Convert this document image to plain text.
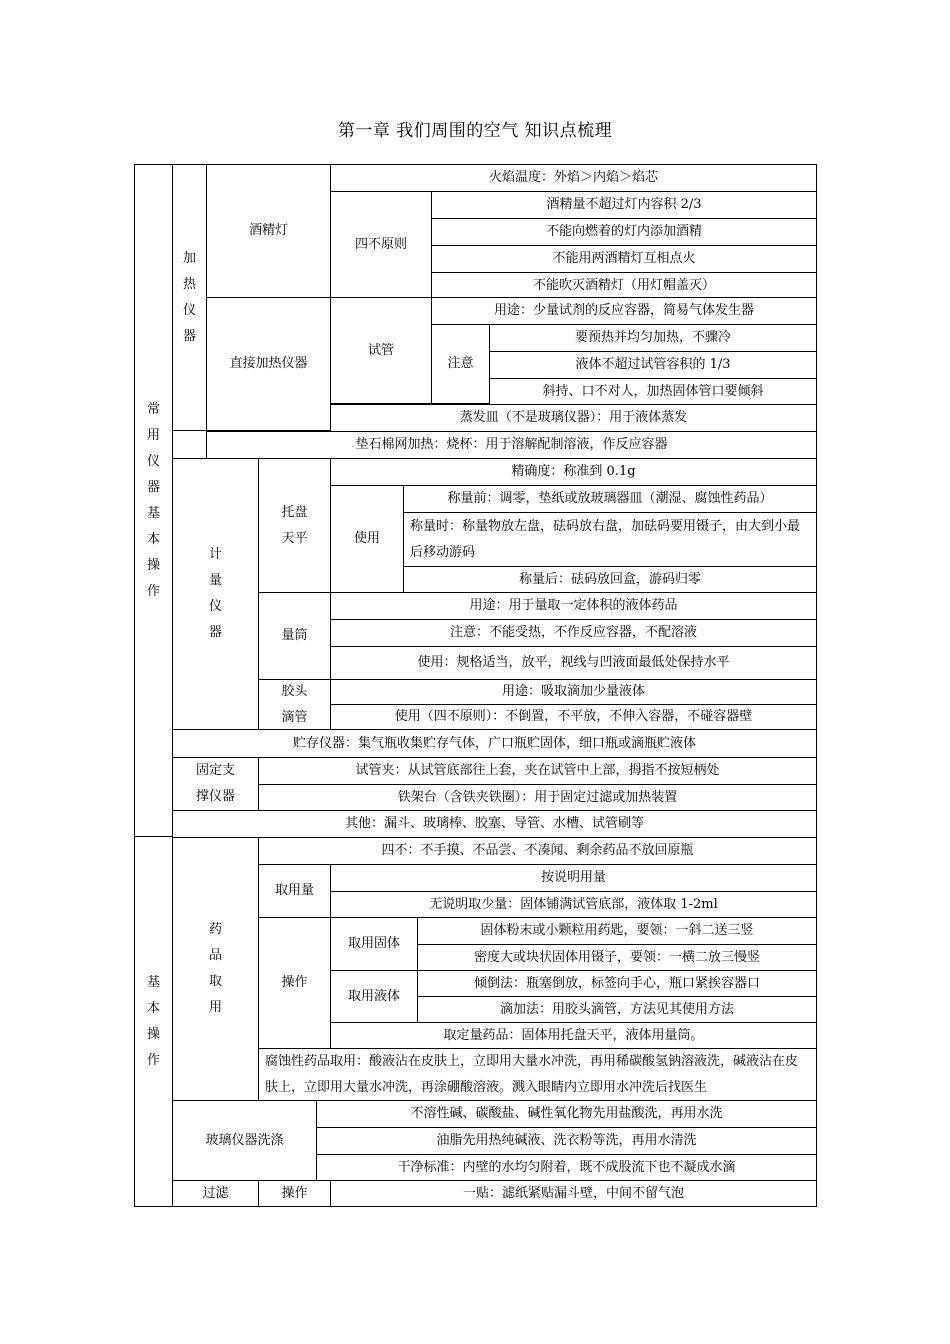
第一章 我们周围的空气 知识点梳理
常
用
仪
器
基
本
操
作
加
热
仪
器
酒精灯
火焰温度：外焰＞内焰＞焰芯
四不原则
酒精量不超过灯内容积 2/3
不能向燃着的灯内添加酒精
不能用两酒精灯互相点火
不能吹灭酒精灯（用灯帽盖灭）
直接加热仪器
试管
用途：少量试剂的反应容器，简易气体发生器
注意
要预热并均匀加热，不骤冷
液体不超过试管容积的 1/3
斜持、口不对人，加热固体管口要倾斜
蒸发皿（不是玻璃仪器）：用于液体蒸发
垫石棉网加热：烧杯：用于溶解配制溶液，作反应容器
计
量
仪
器
托盘
天平
精确度：称准到 0.1g
使用
称量前：调零，垫纸或放玻璃器皿（潮湿、腐蚀性药品）
称量时：称量物放左盘，砝码放右盘，加砝码要用镊子，由大到小最后移动游码
称量后：砝码放回盒，游码归零
量筒
用途：用于量取一定体积的液体药品
注意：不能受热，不作反应容器，不配溶液
使用：规格适当，放平，视线与凹液面最低处保持水平
胶头
滴管
用途：吸取滴加少量液体
使用（四不原则）：不倒置，不平放，不伸入容器，不碰容器壁
贮存仪器：集气瓶收集贮存气体，广口瓶贮固体，细口瓶或滴瓶贮液体
固定支
撑仪器
试管夹：从试管底部往上套，夹在试管中上部，拇指不按短柄处
铁架台（含铁夹铁圈）：用于固定过滤或加热装置
其他：漏斗、玻璃棒、胶塞、导管、水槽、试管刷等
基
本
操
作
药
品
取
用
四不：不手摸、不品尝、不凑闻、剩余药品不放回原瓶
取用量
按说明用量
无说明取少量：固体铺满试管底部，液体取 1-2ml
操作
取用固体
固体粉末或小颗粒用药匙，要领：一斜二送三竖
密度大或块状固体用镊子，要领：一横二放三慢竖
取用液体
倾倒法：瓶塞倒放，标签向手心，瓶口紧挨容器口
滴加法：用胶头滴管，方法见其使用方法
取定量药品：固体用托盘天平，液体用量筒。
腐蚀性药品取用：酸液沾在皮肤上，立即用大量水冲洗，再用稀碳酸氢钠溶液洗，碱液沾在皮肤上，立即用大量水冲洗，再涂硼酸溶液。溅入眼睛内立即用水冲洗后找医生
玻璃仪器洗涤
不溶性碱、碳酸盐、碱性氧化物先用盐酸洗，再用水洗
油脂先用热纯碱液、洗衣粉等洗，再用水清洗
干净标准：内壁的水均匀附着，既不成股流下也不凝成水滴
过滤	操作	一贴：滤纸紧贴漏斗壁，中间不留气泡
